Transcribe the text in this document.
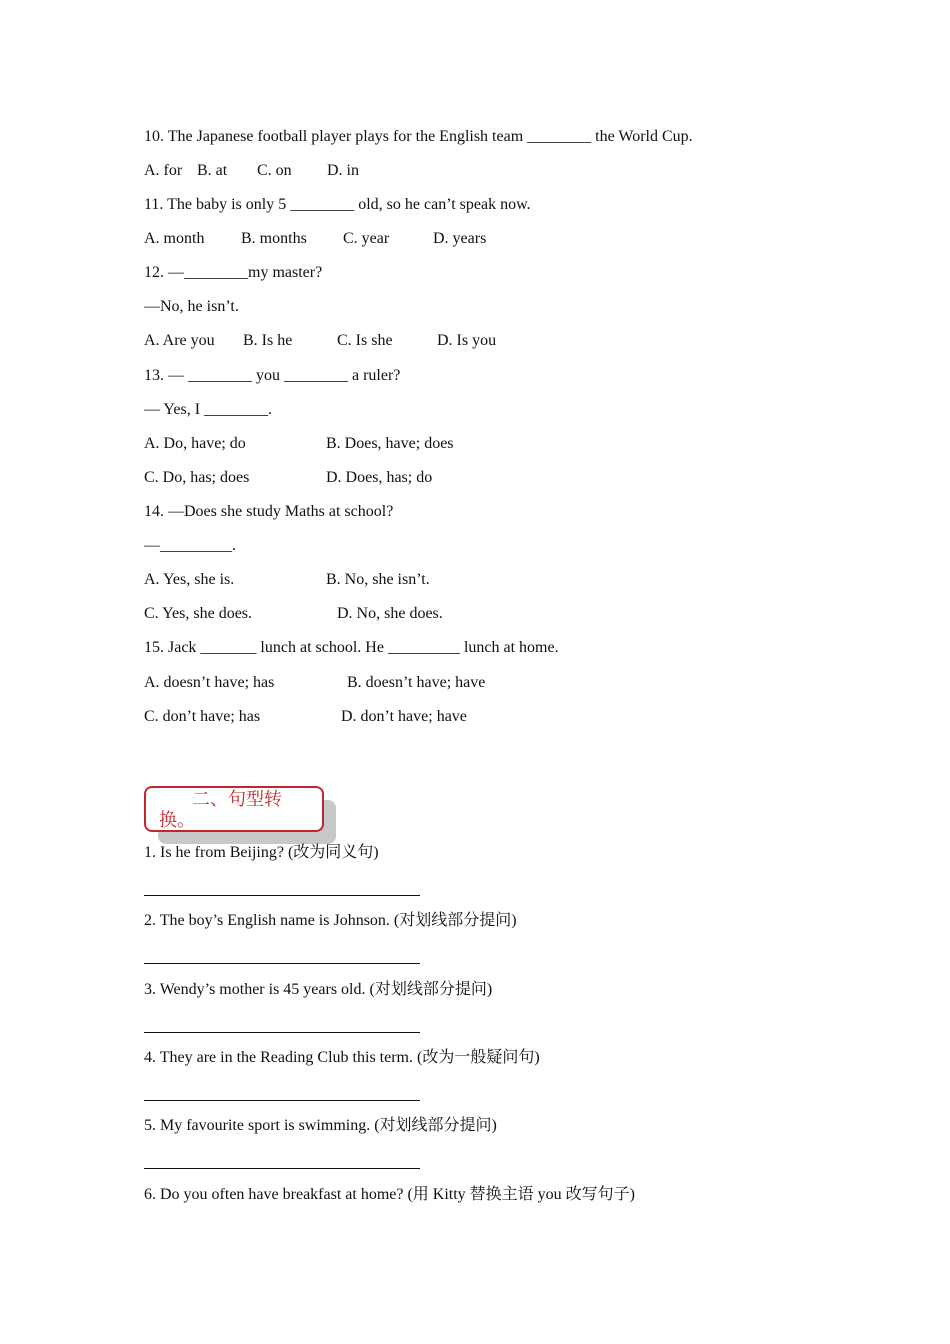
10. The Japanese football player plays for the English team ________ the World Cup.
A. for B. at C. on D. in
11. The baby is only 5 ________ old, so he can’t speak now.
A. month B. months C. year	D. years
12. —________my master?
—No, he isn’t.
A. Are you B. Is he	C. Is she	D. Is you
13. — ________ you ________ a ruler?
— Yes, I ________.
A. Do, have; do	B. Does, have; does
C. Do, has; does	D. Does, has; do
14. —Does she study Maths at school?
—_________.
A. Yes, she is.	B. No, she isn’t.
C. Yes, she does.	D. No, she does.
15. Jack _______ lunch at school. He _________ lunch at home.
A. doesn’t have; has	B. doesn’t have; have
C. don’t have; has	D. don’t have; have
二、句型转
换。
1. Is he from Beijing? (改为同义句)
2. The boy’s English name is Johnson. (对划线部分提问)
3. Wendy’s mother is 45 years old. (对划线部分提问)
4. They are in the Reading Club this term. (改为一般疑问句)
5. My favourite sport is swimming. (对划线部分提问)
6. Do you often have breakfast at home? (用 Kitty 替换主语 you 改写句子)
